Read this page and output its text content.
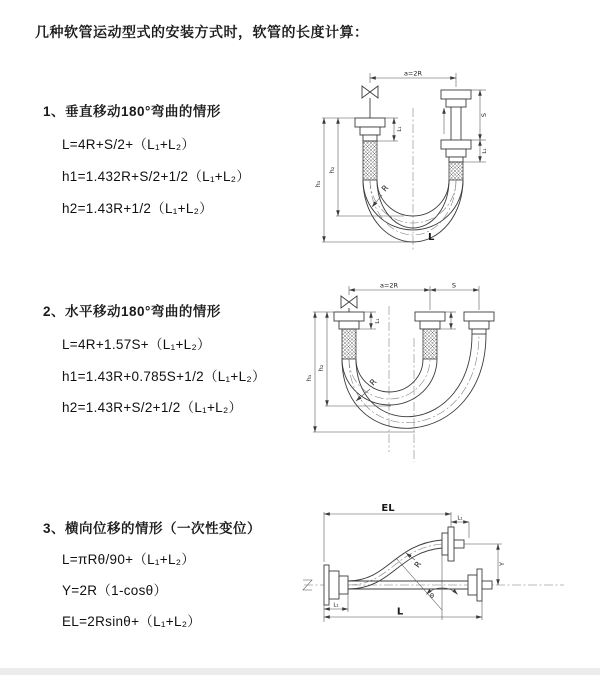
几种软管运动型式的安装方式时，软管的长度计算：
1、垂直移动180°弯曲的情形
L=4R+S/2+（L₁+L₂）
h1=1.432R+S/2+1/2（L₁+L₂）
h2=1.43R+1/2（L₁+L₂）
a=2R
h₁
h₂
L₁
S
L₁
R
L
2、水平移动180°弯曲的情形
L=4R+1.57S+（L₁+L₂）
h1=1.43R+0.785S+1/2（L₁+L₂）
h2=1.43R+S/2+1/2（L₁+L₂）
a=2R	S
h₁
h₂
L₁
R
3、横向位移的情形（一次性变位）
L=πRθ/90+（L₁+L₂）
Y=2R（1-cosθ）
EL=2Rsinθ+（L₁+L₂）
EL
L₁
Y
θ
R
L₁
L
